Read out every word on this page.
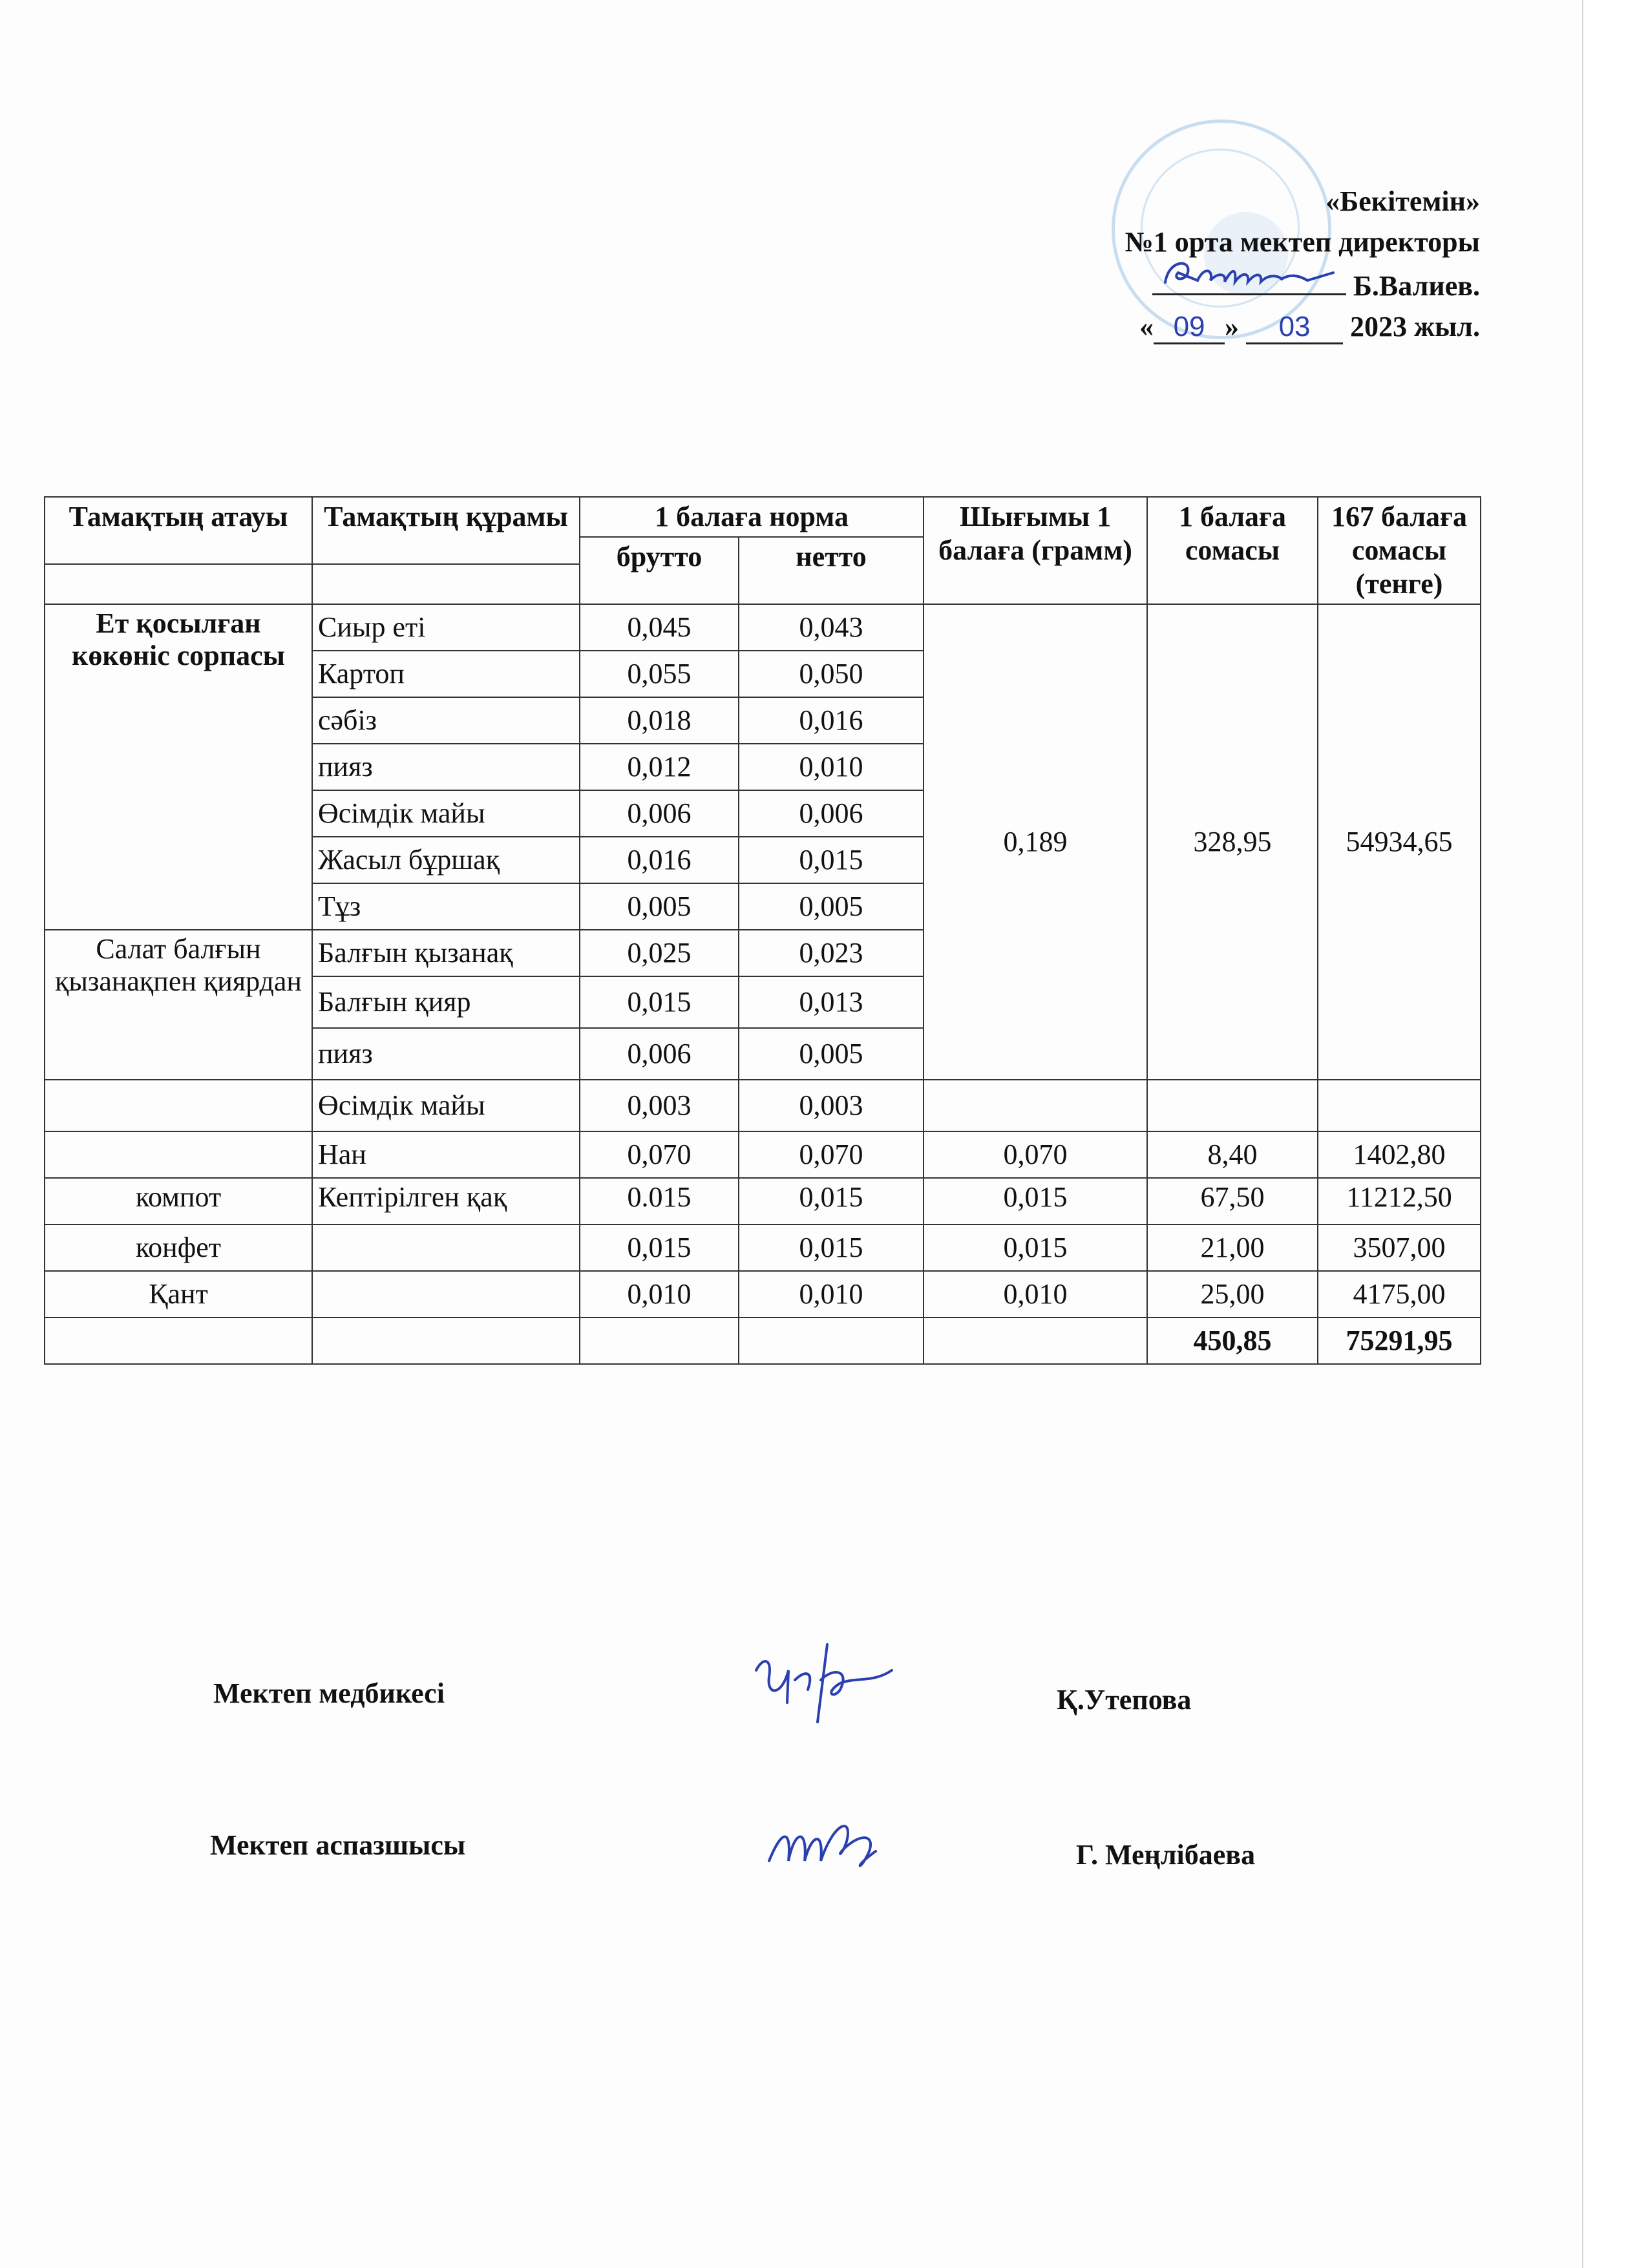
«Бекітемін»
№1 орта мектеп директоры
Б.Валиев.
« 09 » 03 2023 жыл.
Тамақтың атауы	Тамақтың құрамы	1 балаға норма		Шығымы 1 балаға (грамм)	1 балаға сомасы	167 балаға сомасы (тенге)
		брутто	нетто			

Ет қосылған көкөніс сорпасы	Сиыр еті	0,045	0,043	0,189	328,95	54934,65
	Картоп	0,055	0,050			
	сәбіз	0,018	0,016			
	пияз	0,012	0,010			
	Өсімдік майы	0,006	0,006			
	Жасыл бұршақ	0,016	0,015			
	Тұз	0,005	0,005			
Салат балғын қызанақпен қиярдан	Балғын қызанақ	0,025	0,023			
	Балғын қияр	0,015	0,013			
	пияз	0,006	0,005			
	Өсімдік майы	0,003	0,003			
	Нан	0,070	0,070	0,070	8,40	1402,80
компот	Кептірілген қақ	0.015	0,015	0,015	67,50	11212,50
конфет		0,015	0,015	0,015	21,00	3507,00
Қант		0,010	0,010	0,010	25,00	4175,00
					450,85	75291,95
Мектеп медбикесі	Қ.Утепова
Мектеп аспазшысы	Г. Меңлібаева
